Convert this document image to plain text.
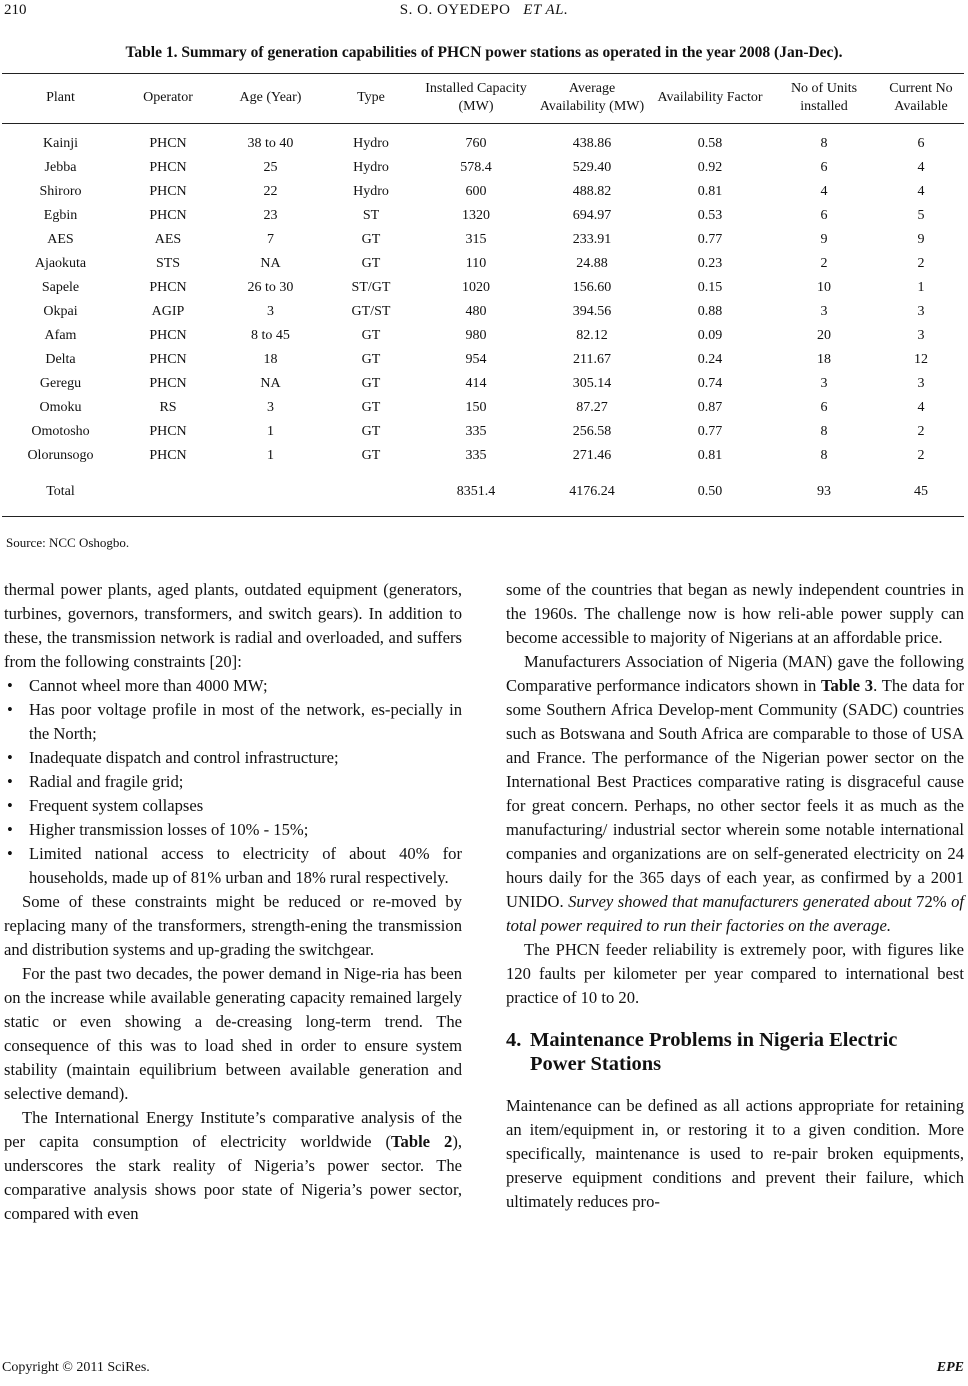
210	S. O. OYEDEPO ET AL.
Table 1. Summary of generation capabilities of PHCN power stations as operated in the year 2008 (Jan-Dec).
Plant	Operator	Age (Year)	Type	Installed Capacity (MW)	Average Availability (MW)	Availability Factor	No of Units installed	Current No Available
Kainji	PHCN	38 to 40	Hydro	760	438.86	0.58	8	6
Jebba	PHCN	25	Hydro	578.4	529.40	0.92	6	4
Shiroro	PHCN	22	Hydro	600	488.82	0.81	4	4
Egbin	PHCN	23	ST	1320	694.97	0.53	6	5
AES	AES	7	GT	315	233.91	0.77	9	9
Ajaokuta	STS	NA	GT	110	24.88	0.23	2	2
Sapele	PHCN	26 to 30	ST/GT	1020	156.60	0.15	10	1
Okpai	AGIP	3	GT/ST	480	394.56	0.88	3	3
Afam	PHCN	8 to 45	GT	980	82.12	0.09	20	3
Delta	PHCN	18	GT	954	211.67	0.24	18	12
Geregu	PHCN	NA	GT	414	305.14	0.74	3	3
Omoku	RS	3	GT	150	87.27	0.87	6	4
Omotosho	PHCN	1	GT	335	256.58	0.77	8	2
Olorunsogo	PHCN	1	GT	335	271.46	0.81	8	2
Total				8351.4	4176.24	0.50	93	45
Source: NCC Oshogbo.

thermal power plants, aged plants, outdated equipment (generators, turbines, governors, transformers, and switch gears). In addition to these, the transmission network is radial and overloaded, and suffers from the following constraints [20]:

• Cannot wheel more than 4000 MW;
• Has poor voltage profile in most of the network, es-pecially in the North;
• Inadequate dispatch and control infrastructure;
• Radial and fragile grid;
• Frequent system collapses
• Higher transmission losses of 10% - 15%;
• Limited national access to electricity of about 40% for households, made up of 81% urban and 18% rural respectively.

Some of these constraints might be reduced or re-moved by replacing many of the transformers, strength-ening the transmission and distribution systems and up-grading the switchgear.

For the past two decades, the power demand in Nige-ria has been on the increase while available generating capacity remained largely static or even showing a de-creasing long-term trend. The consequence of this was to load shed in order to ensure system stability (maintain equilibrium between available generation and selective demand).

The International Energy Institute’s comparative analysis of the per capita consumption of electricity worldwide (Table 2), underscores the stark reality of Nigeria’s power sector. The comparative analysis shows poor state of Nigeria’s power sector, compared with even

some of the countries that began as newly independent countries in the 1960s. The challenge now is how reli-able power supply can become accessible to majority of Nigerians at an affordable price.

Manufacturers Association of Nigeria (MAN) gave the following Comparative performance indicators shown in Table 3. The data for some Southern Africa Develop-ment Community (SADC) countries such as Botswana and South Africa are comparable to those of USA and France. The performance of the Nigerian power sector on the International Best Practices comparative rating is disgraceful cause for great concern. Perhaps, no other sector feels it as much as the manufacturing/ industrial sector wherein some notable international companies and organizations are on self-generated electricity on 24 hours daily for the 365 days of each year, as confirmed by a 2001 UNIDO. Survey showed that manufacturers generated about 72% of total power required to run their factories on the average.

The PHCN feeder reliability is extremely poor, with figures like 120 faults per kilometer per year compared to international best practice of 10 to 20.

4. Maintenance Problems in Nigeria Electric
Power Stations

Maintenance can be defined as all actions appropriate for retaining an item/equipment in, or restoring it to a given condition. More specifically, maintenance is used to re-pair broken equipments, preserve equipment conditions and prevent their failure, which ultimately reduces pro-

Copyright © 2011 SciRes.	EPE
